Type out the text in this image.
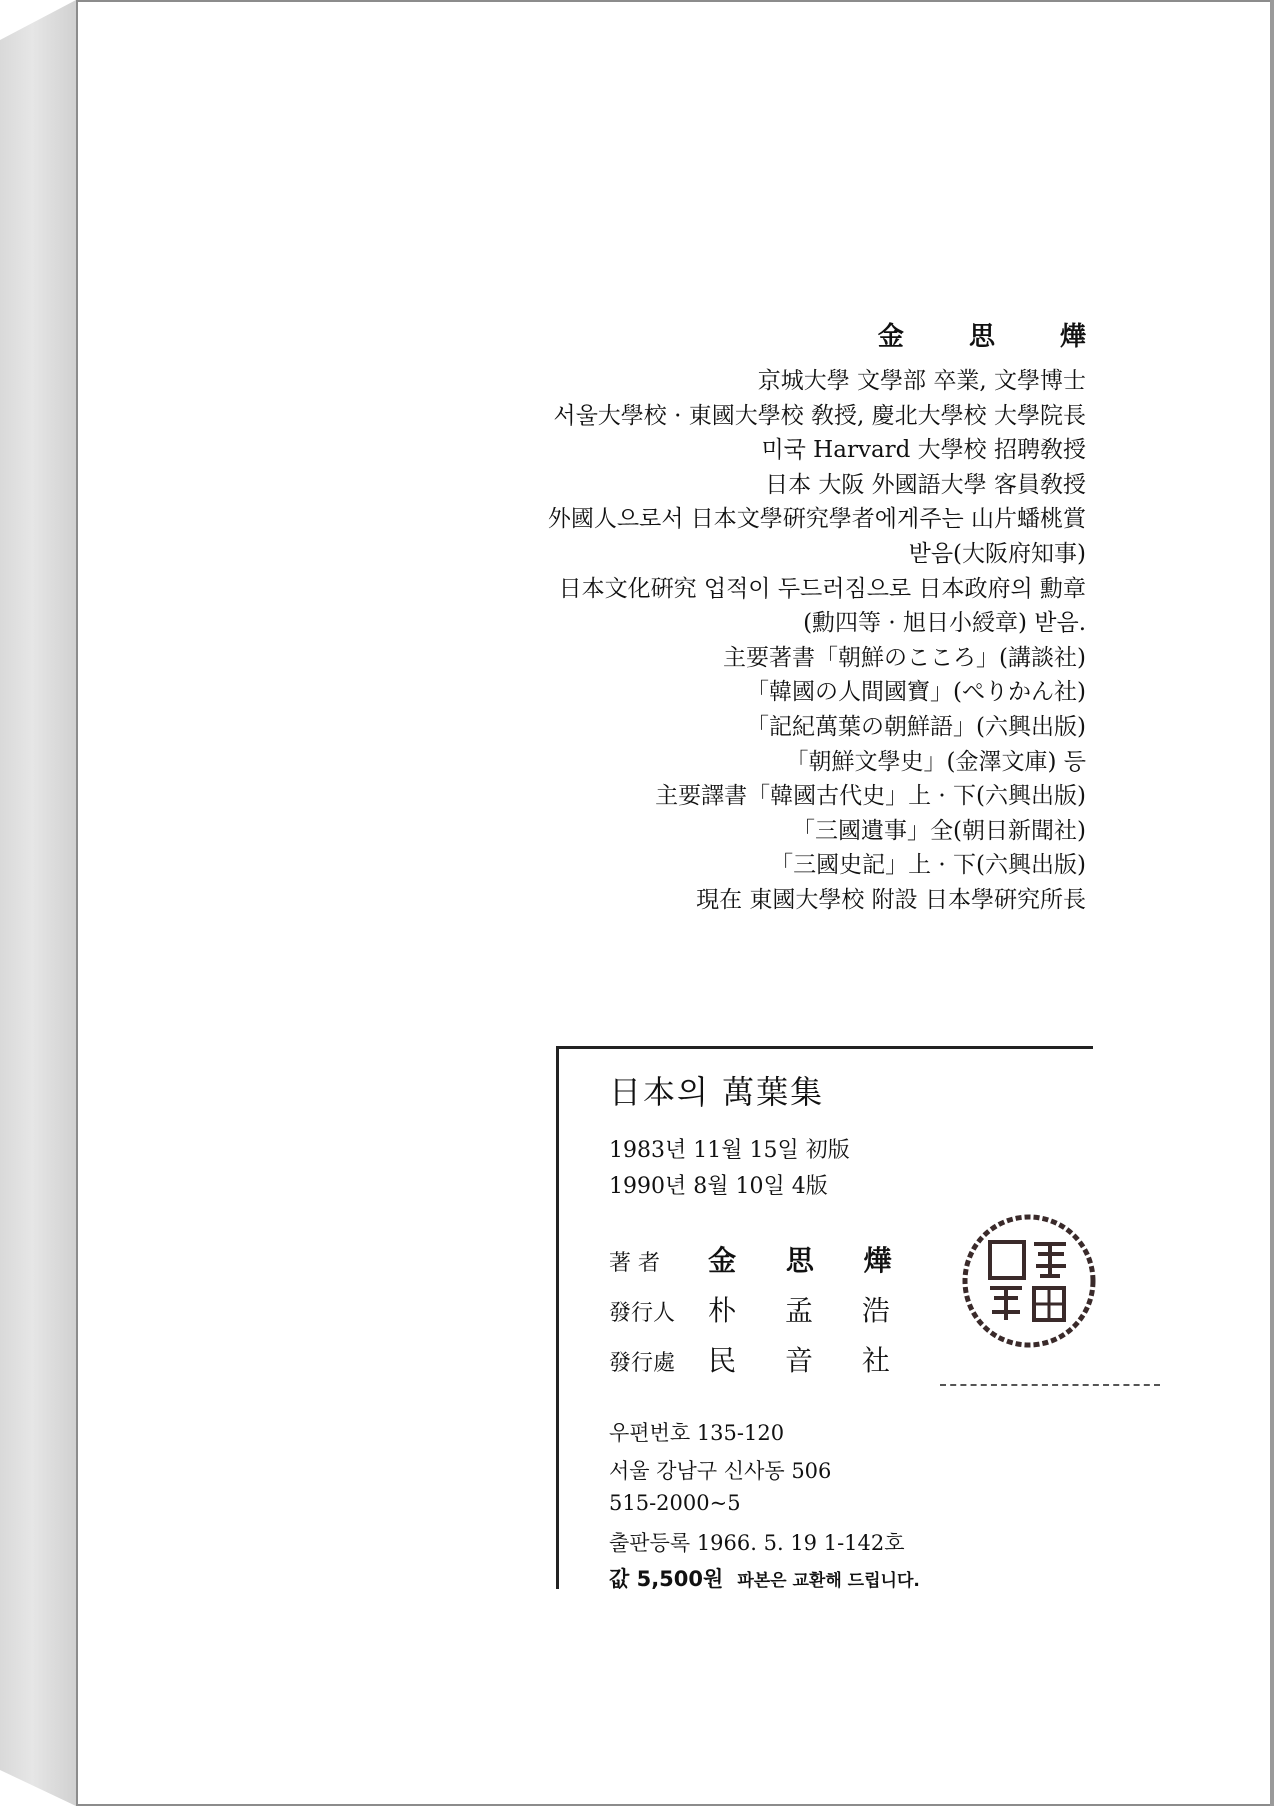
金 思 燁
京城大學 文學部 卒業, 文學博士
서울大學校 · 東國大學校 敎授, 慶北大學校 大學院長
미국 Harvard 大學校 招聘敎授
日本 大阪 外國語大學 客員敎授
外國人으로서 日本文學硏究學者에게주는 山片蟠桃賞
받음(大阪府知事)
日本文化硏究 업적이 두드러짐으로 日本政府의 勳章
(勳四等 · 旭日小綬章) 받음.
主要著書「朝鮮のこころ」(講談社)
「韓國の人間國寶」(ぺりかん社)
「記紀萬葉の朝鮮語」(六興出版)
「朝鮮文學史」(金澤文庫) 등
主要譯書「韓國古代史」上 · 下(六興出版)
「三國遺事」全(朝日新聞社)
「三國史記」上 · 下(六興出版)
現在 東國大學校 附設 日本學硏究所長
日本의 萬葉集
1983년 11월 15일 初版
1990년 8월 10일 4版
著 者 金 思 燁
發行人 朴 孟 浩
發行處 民 音 社
우편번호 135-120
서울 강남구 신사동 506
515-2000~5
출판등록 1966. 5. 19 1-142호
값 5,500원 파본은 교환해 드립니다.
